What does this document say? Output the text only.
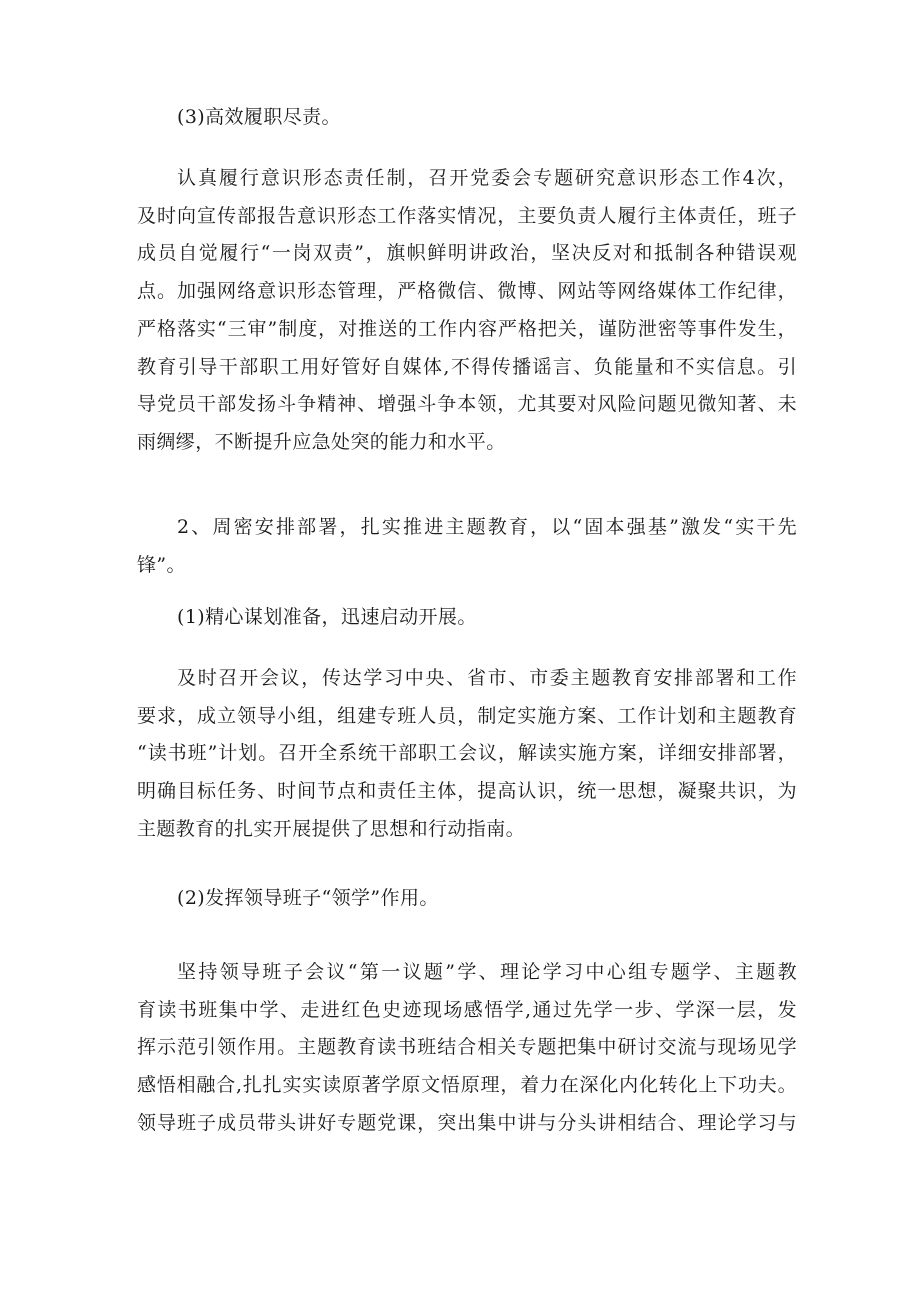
(3)高效履职尽责。

认真履行意识形态责任制，召开党委会专题研究意识形态工作4次，
及时向宣传部报告意识形态工作落实情况，主要负责人履行主体责任，班子
成员自觉履行“一岗双责”，旗帜鲜明讲政治，坚决反对和抵制各种错误观
点。加强网络意识形态管理，严格微信、微博、网站等网络媒体工作纪律，
严格落实“三审”制度，对推送的工作内容严格把关，谨防泄密等事件发生，
教育引导干部职工用好管好自媒体,不得传播谣言、负能量和不实信息。引
导党员干部发扬斗争精神、增强斗争本领，尤其要对风险问题见微知著、未
雨绸缪，不断提升应急处突的能力和水平。
2、周密安排部署，扎实推进主题教育，以“固本强基”激发“实干先
锋”。

(1)精心谋划准备，迅速启动开展。

及时召开会议，传达学习中央、省市、市委主题教育安排部署和工作
要求，成立领导小组，组建专班人员，制定实施方案、工作计划和主题教育
“读书班”计划。召开全系统干部职工会议，解读实施方案，详细安排部署，
明确目标任务、时间节点和责任主体，提高认识，统一思想，凝聚共识，为
主题教育的扎实开展提供了思想和行动指南。

(2)发挥领导班子“领学”作用。

坚持领导班子会议“第一议题”学、理论学习中心组专题学、主题教
育读书班集中学、走进红色史迹现场感悟学,通过先学一步、学深一层，发
挥示范引领作用。主题教育读书班结合相关专题把集中研讨交流与现场见学
感悟相融合,扎扎实实读原著学原文悟原理，着力在深化内化转化上下功夫。
领导班子成员带头讲好专题党课，突出集中讲与分头讲相结合、理论学习与
